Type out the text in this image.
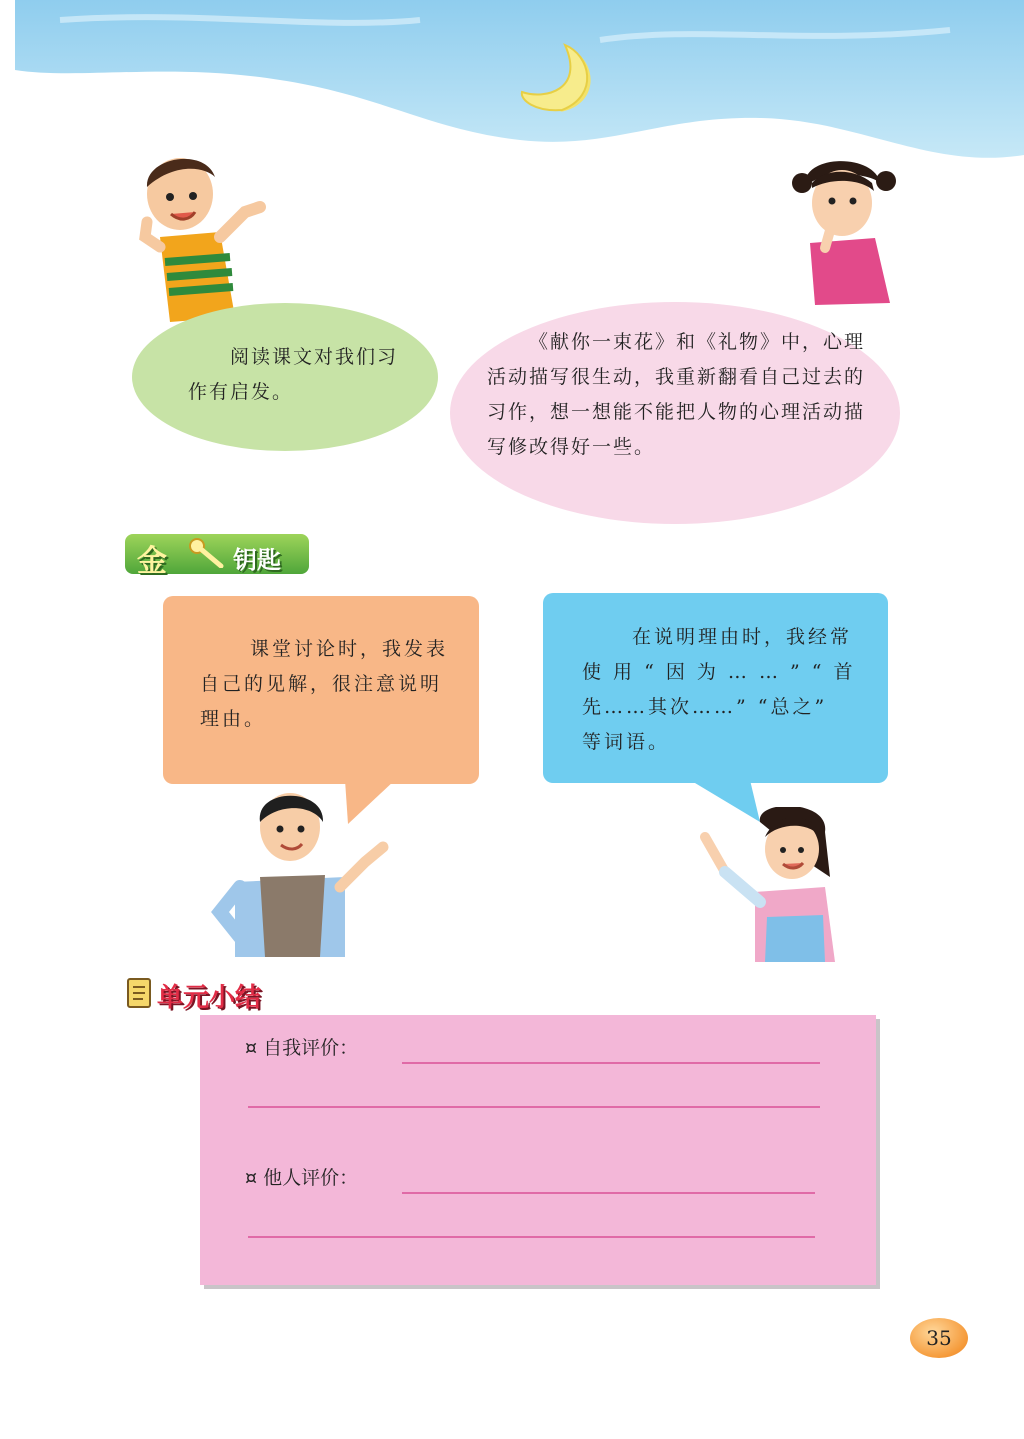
阅读课文对我们习作有启发。
《献你一束花》和《礼物》中，心理活动描写很生动，我重新翻看自己过去的习作，想一想能不能把人物的心理活动描写修改得好一些。
金	钥匙
课堂讨论时，我发表自己的见解，很注意说明理由。
在说明理由时，我经常
使 用 “ 因 为 … … ” “ 首
先……其次……” “总之”
等词语。
单元小结
¤ 自我评价：
¤ 他人评价：
35
